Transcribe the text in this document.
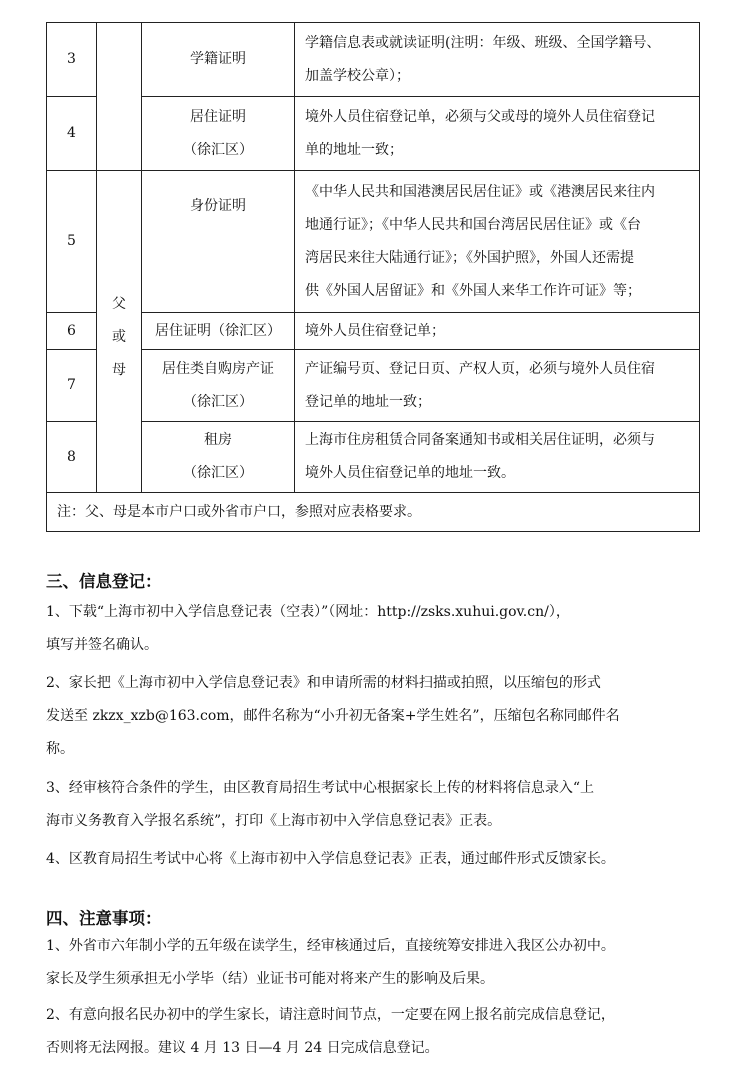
3		学籍证明	学籍信息表或就读证明(注明：年级、班级、全国学籍号、
加盖学校公章）；

4		居住证明
（徐汇区）	境外人员住宿登记单，必须与父或母的境外人员住宿登记
单的地址一致；

5	父
或
母	身份证明	《中华人民共和国港澳居民居住证》或《港澳居民来往内
地通行证》；《中华人民共和国台湾居民居住证》或《台
湾居民来往大陆通行证》；《外国护照》，外国人还需提
供《外国人居留证》和《外国人来华工作许可证》等；

6		居住证明（徐汇区）	境外人员住宿登记单；

7		居住类自购房产证
（徐汇区）	产证编号页、登记日页、产权人页，必须与境外人员住宿
登记单的地址一致；

8		租房
（徐汇区）	上海市住房租赁合同备案通知书或相关居住证明，必须与
境外人员住宿登记单的地址一致。

注：父、母是本市户口或外省市户口，参照对应表格要求。			
三、信息登记：
1、下载“上海市初中入学信息登记表（空表）”（网址：http://zsks.xuhui.gov.cn/），
填写并签名确认。
2、家长把《上海市初中入学信息登记表》和申请所需的材料扫描或拍照，以压缩包的形式
发送至 zkzx_xzb@163.com，邮件名称为“小升初无备案+学生姓名”，压缩包名称同邮件名
称。
3、经审核符合条件的学生，由区教育局招生考试中心根据家长上传的材料将信息录入“上
海市义务教育入学报名系统”，打印《上海市初中入学信息登记表》正表。
4、区教育局招生考试中心将《上海市初中入学信息登记表》正表，通过邮件形式反馈家长。
四、注意事项：
1、外省市六年制小学的五年级在读学生，经审核通过后，直接统筹安排进入我区公办初中。
家长及学生须承担无小学毕（结）业证书可能对将来产生的影响及后果。
2、有意向报名民办初中的学生家长，请注意时间节点，一定要在网上报名前完成信息登记，
否则将无法网报。建议 4 月 13 日—4 月 24 日完成信息登记。
